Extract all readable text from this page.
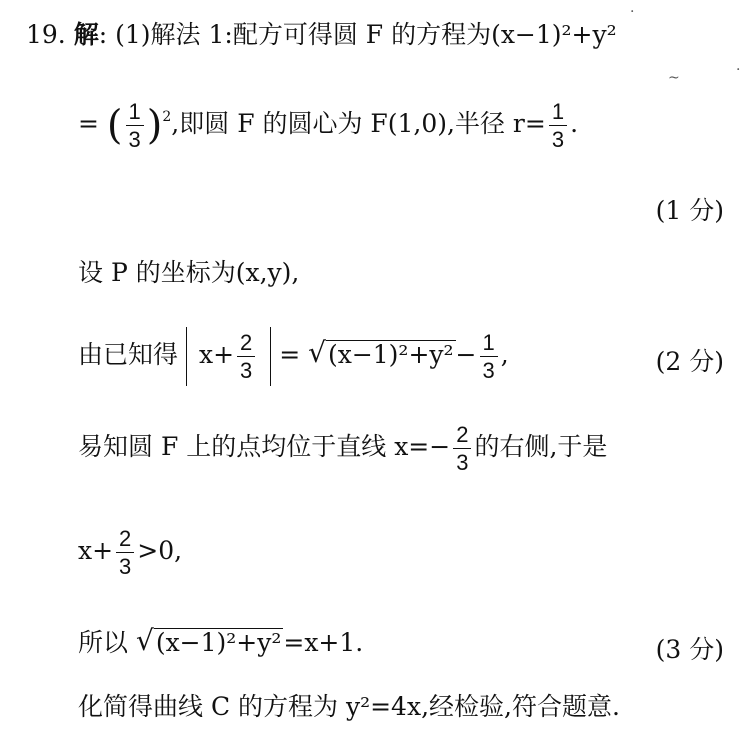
19. 解: (1)解法 1:配方可得圆 F 的方程为(x−1)²+y²
= ( $\frac{1}{3} )^2$,即圆 F 的圆心为 F(1,0),半径 $r= \frac{1}{3}$ .
(1 分)
设 P 的坐标为(x,y),
由已知得 $x+ \frac{2}{3}$ = √ $(x-1)^2+y^2 - \frac{1}{3}$ ,	(2 分)
易知圆 F 上的点均位于直线 $x=- \frac{2}{3}$ 的右侧,于是
$x+ \frac{2}{3} >0$,
所以 √ (x−1)²+y² =x+1.	(3 分)
化简得曲线 C 的方程为 y²=4x,经检验,符合题意.
·
~	·
